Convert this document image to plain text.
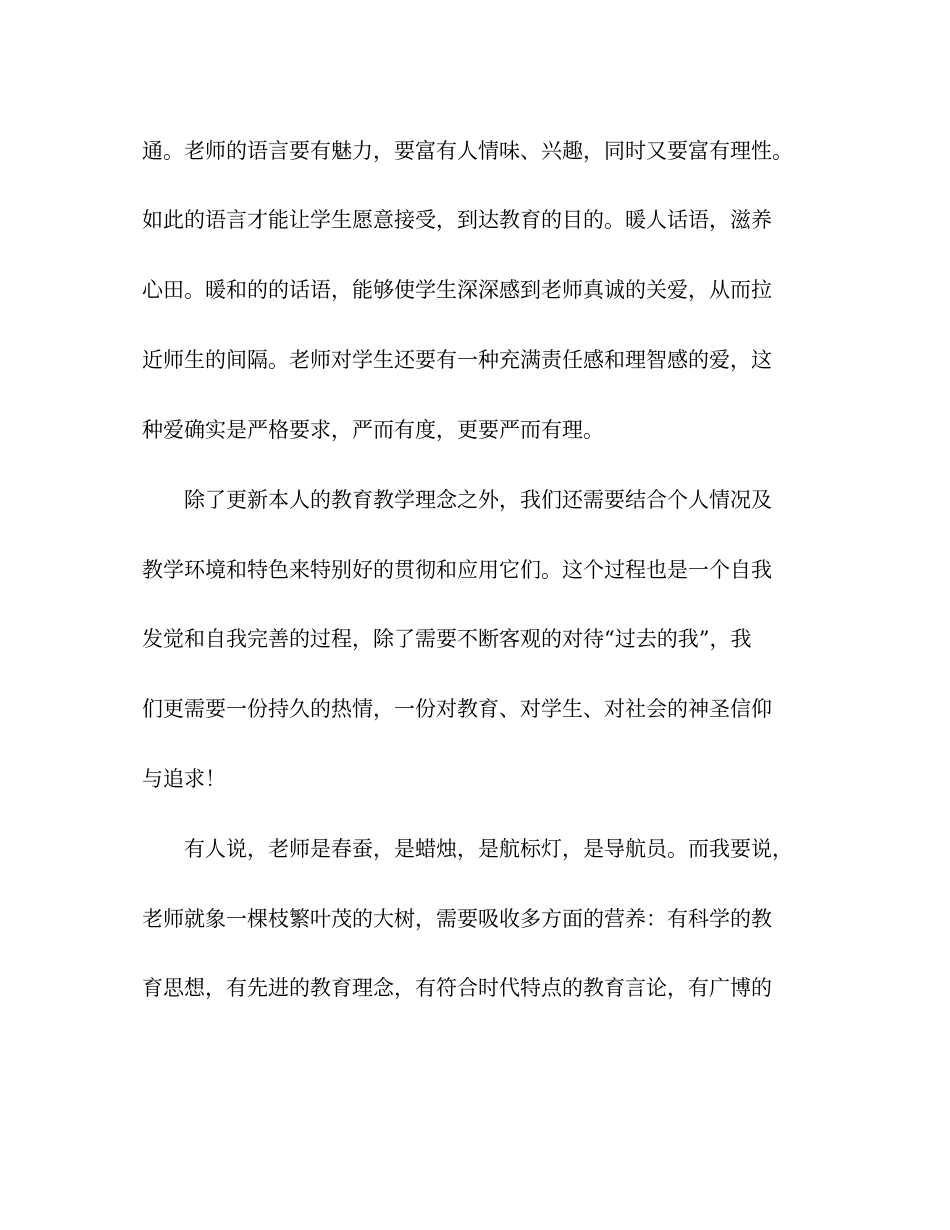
通。老师的语言要有魅力，要富有人情味、兴趣，同时又要富有理性。
如此的语言才能让学生愿意接受，到达教育的目的。暖人话语，滋养
心田。暖和的的话语，能够使学生深深感到老师真诚的关爱，从而拉
近师生的间隔。老师对学生还要有一种充满责任感和理智感的爱，这
种爱确实是严格要求，严而有度，更要严而有理。
除了更新本人的教育教学理念之外，我们还需要结合个人情况及
教学环境和特色来特别好的贯彻和应用它们。这个过程也是一个自我
发觉和自我完善的过程，除了需要不断客观的对待“过去的我”，我
们更需要一份持久的热情，一份对教育、对学生、对社会的神圣信仰
与追求！
有人说，老师是春蚕，是蜡烛，是航标灯，是导航员。而我要说，
老师就象一棵枝繁叶茂的大树，需要吸收多方面的营养：有科学的教
育思想，有先进的教育理念，有符合时代特点的教育言论，有广博的
